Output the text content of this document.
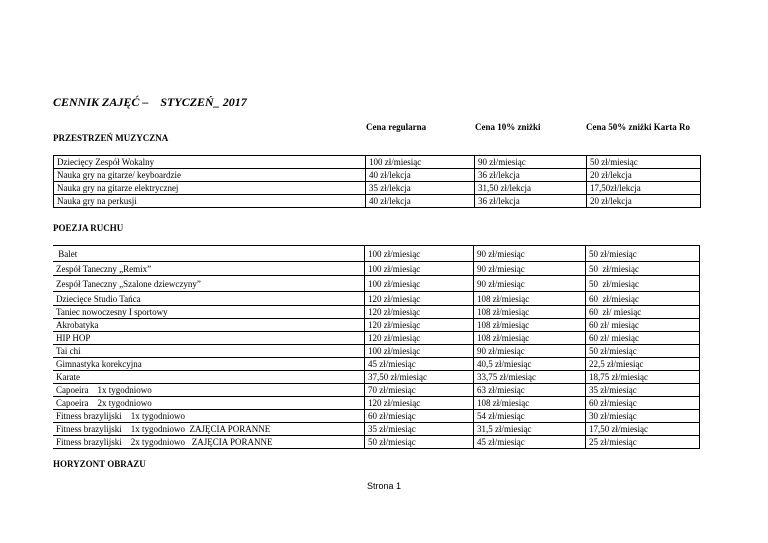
CENNIK ZAJĘĆ –    STYCZEŃ_ 2017
Cena regularna	Cena 10% zniżki	Cena 50% zniżki Karta Ro
PRZESTRZEŃ MUZYCZNA
Dziecięcy Zespół Wokalny	100 zł/miesiąc	90 zł/miesiąc	50 zł/miesiąc
Nauka gry na gitarze/ keyboardzie	40 zł/lekcja	36 zł/lekcja	20 zł/lekcja
Nauka gry na gitarze elektrycznej	35 zł/lekcja	31,50 zł/lekcja	17,50zł/lekcja
Nauka gry na perkusji	40 zł/lekcja	36 zł/lekcja	20 zł/lekcja
POEZJA RUCHU
Balet	100 zł/miesiąc	90 zł/miesiąc	50 zł/miesiąc
Zespół Taneczny „Remix”	100 zł/miesiąc	90 zł/miesiąc	50  zł/miesiąc
Zespół Taneczny „Szalone dziewczyny”	100 zł/miesiąc	90 zł/miesiąc	50  zł/miesiąc
Dziecięce Studio Tańca	120 zł/miesiąc	108 zł/miesiąc	60  zł/miesiąc
Taniec nowoczesny I sportowy	120 zł/miesiąc	108 zł/miesiąc	60  zł/ miesiąc
Akrobatyka	120 zł/miesiąc	108 zł/miesiąc	60 zł/ miesiąc
HIP HOP	120 zł/miesiąc	108 zł/miesiąc	60 zł/ miesiąc
Tai chi	100 zł/miesiąc	90 zł/miesiąc	50 zł/miesiąc
Gimnastyka korekcyjna	45 zł/miesiąc	40,5 zł/miesiąc	22,5 zł/miesiąc
Karate	37,50 zł/miesiąc	33,75 zł/miesiąc	18,75 zł/miesiąc
Capoeira    1x tygodniowo	70 zł/miesiąc	63 zł/miesiąc	35 zł/miesiąc
Capoeira    2x tygodniowo	120 zł/miesiąc	108 zł/miesiąc	60 zł/miesiąc
Fitness brazylijski    1x tygodniowo	60 zł/miesiąc	54 zł/miesiąc	30 zł/miesiąc
Fitness brazylijski    1x tygodniowo  ZAJĘCIA PORANNE	35 zł/miesiąc	31,5 zł/miesiąc	17,50 zł/miesiąc
Fitness brazylijski    2x tygodniowo   ZAJĘCIA PORANNE	50 zł/miesiąc	45 zł/miesiąc	25 zł/miesiąc
HORYZONT OBRAZU
Strona 1
